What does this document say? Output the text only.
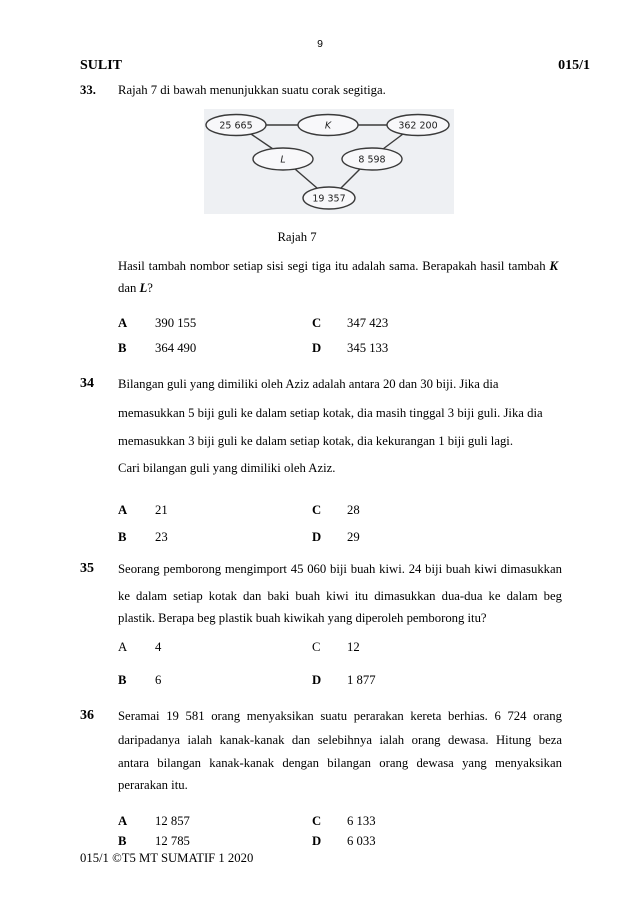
9
SULIT	015/1
33. Rajah 7 di bawah menunjukkan suatu corak segitiga.
25 665	K	362 200
L	8 598
19 357
Rajah 7
Hasil tambah nombor setiap sisi segi tiga itu adalah sama. Berapakah hasil tambah K
dan L?
A 390 155	C 347 423
B 364 490	D 345 133
34 Bilangan guli yang dimiliki oleh Aziz adalah antara 20 dan 30 biji. Jika dia
memasukkan 5 biji guli ke dalam setiap kotak, dia masih tinggal 3 biji guli. Jika dia
memasukkan 3 biji guli ke dalam setiap kotak, dia kekurangan 1 biji guli lagi.
Cari bilangan guli yang dimiliki oleh Aziz.
A 21	C 28
B 23	D 29
35 Seorang pemborong mengimport 45 060 biji buah kiwi. 24 biji buah kiwi dimasukkan
ke dalam setiap kotak dan baki buah kiwi itu dimasukkan dua-dua ke dalam beg
plastik. Berapa beg plastik buah kiwikah yang diperoleh pemborong itu?
A 4	C 12
B 6	D 1 877
36 Seramai 19 581 orang menyaksikan suatu perarakan kereta berhias. 6 724 orang
daripadanya ialah kanak-kanak dan selebihnya ialah orang dewasa. Hitung beza
antara bilangan kanak-kanak dengan bilangan orang dewasa yang menyaksikan
perarakan itu.
A 12 857	C 6 133
B 12 785	D 6 033
015/1 ©T5 MT SUMATIF 1 2020
